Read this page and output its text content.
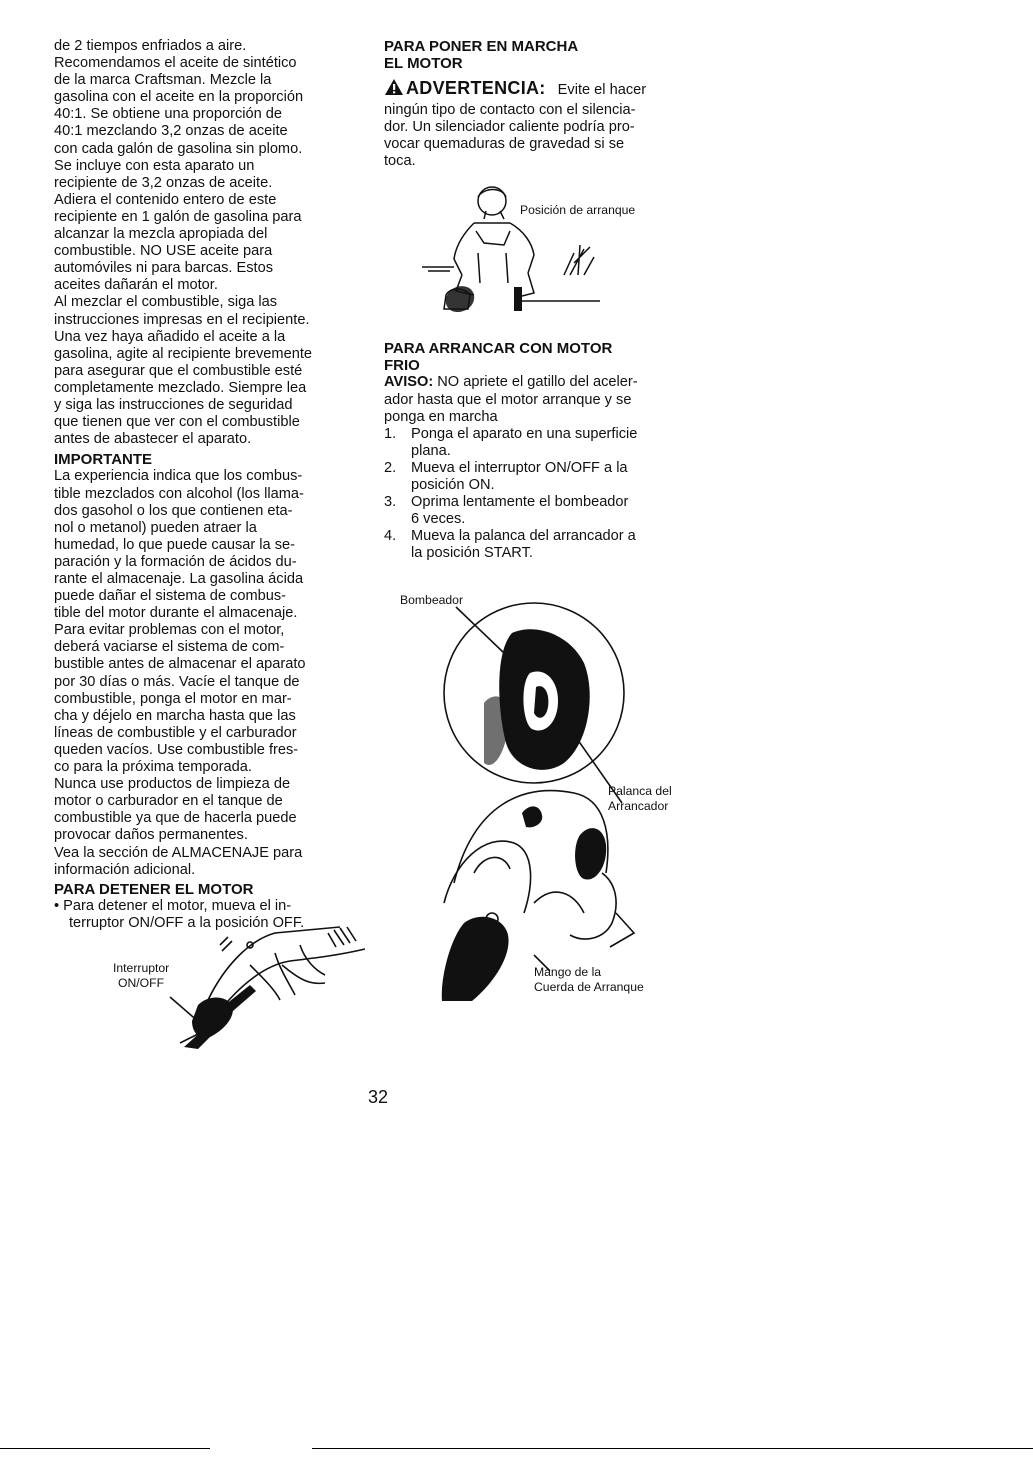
de 2 tiempos enfriados a aire.
Recomendamos el aceite de sintético
de la marca Craftsman. Mezcle la
gasolina con el aceite en la proporción
40:1. Se obtiene una proporción de
40:1 mezclando 3,2 onzas de aceite
con cada galón de gasolina sin plomo.
Se incluye con esta aparato un
recipiente de 3,2 onzas de aceite.
Adiera el contenido entero de este
recipiente en 1 galón de gasolina para
alcanzar la mezcla apropiada del
combustible. NO USE aceite para
automóviles ni para barcas. Estos
aceites dañarán el motor.
Al mezclar el combustible, siga las
instrucciones impresas en el recipiente.
Una vez haya añadido el aceite a la
gasolina, agite al recipiente brevemente
para asegurar que el combustible esté
completamente mezclado. Siempre lea
y siga las instrucciones de seguridad
que tienen que ver con el combustible
antes de abastecer el aparato.
IMPORTANTE
La experiencia indica que los combus-
tible mezclados con alcohol (los llama-
dos gasohol o los que contienen eta-
nol o metanol) pueden atraer la
humedad, lo que puede causar la se-
paración y la formación de ácidos du-
rante el almacenaje. La gasolina ácida
puede dañar el sistema de combus-
tible del motor durante el almacenaje.
Para evitar problemas con el motor,
deberá vaciarse el sistema de com-
bustible antes de almacenar el aparato
por 30 días o más. Vacíe el tanque de
combustible, ponga el motor en mar-
cha y déjelo en marcha hasta que las
líneas de combustible y el carburador
queden vacíos. Use combustible fres-
co para la próxima temporada.
Nunca use productos de limpieza de
motor o carburador en el tanque de
combustible ya que de hacerla puede
provocar daños permanentes.
Vea la sección de ALMACENAJE para
información adicional.
PARA DETENER EL MOTOR
• Para detener el motor, mueva el in-
terruptor ON/OFF a la posición OFF.
Interruptor
ON/OFF
PARA PONER EN MARCHA
EL MOTOR
ADVERTENCIA: Evite el hacer
ningún tipo de contacto con el silencia-
dor. Un silenciador caliente podría pro-
vocar quemaduras de gravedad si se
toca.
Posición de arranque
PARA ARRANCAR CON MOTOR
FRIO
AVISO: NO apriete el gatillo del aceler-
ador hasta que el motor arranque y se
ponga en marcha
1. Ponga el aparato en una superficie
plana.
2. Mueva el interruptor ON/OFF a la
posición ON.
3. Oprima lentamente el bombeador
6 veces.
4. Mueva la palanca del arrancador a
la posición START.
Bombeador
Palanca del
Arrancador
Mango de la
Cuerda de Arranque
32
